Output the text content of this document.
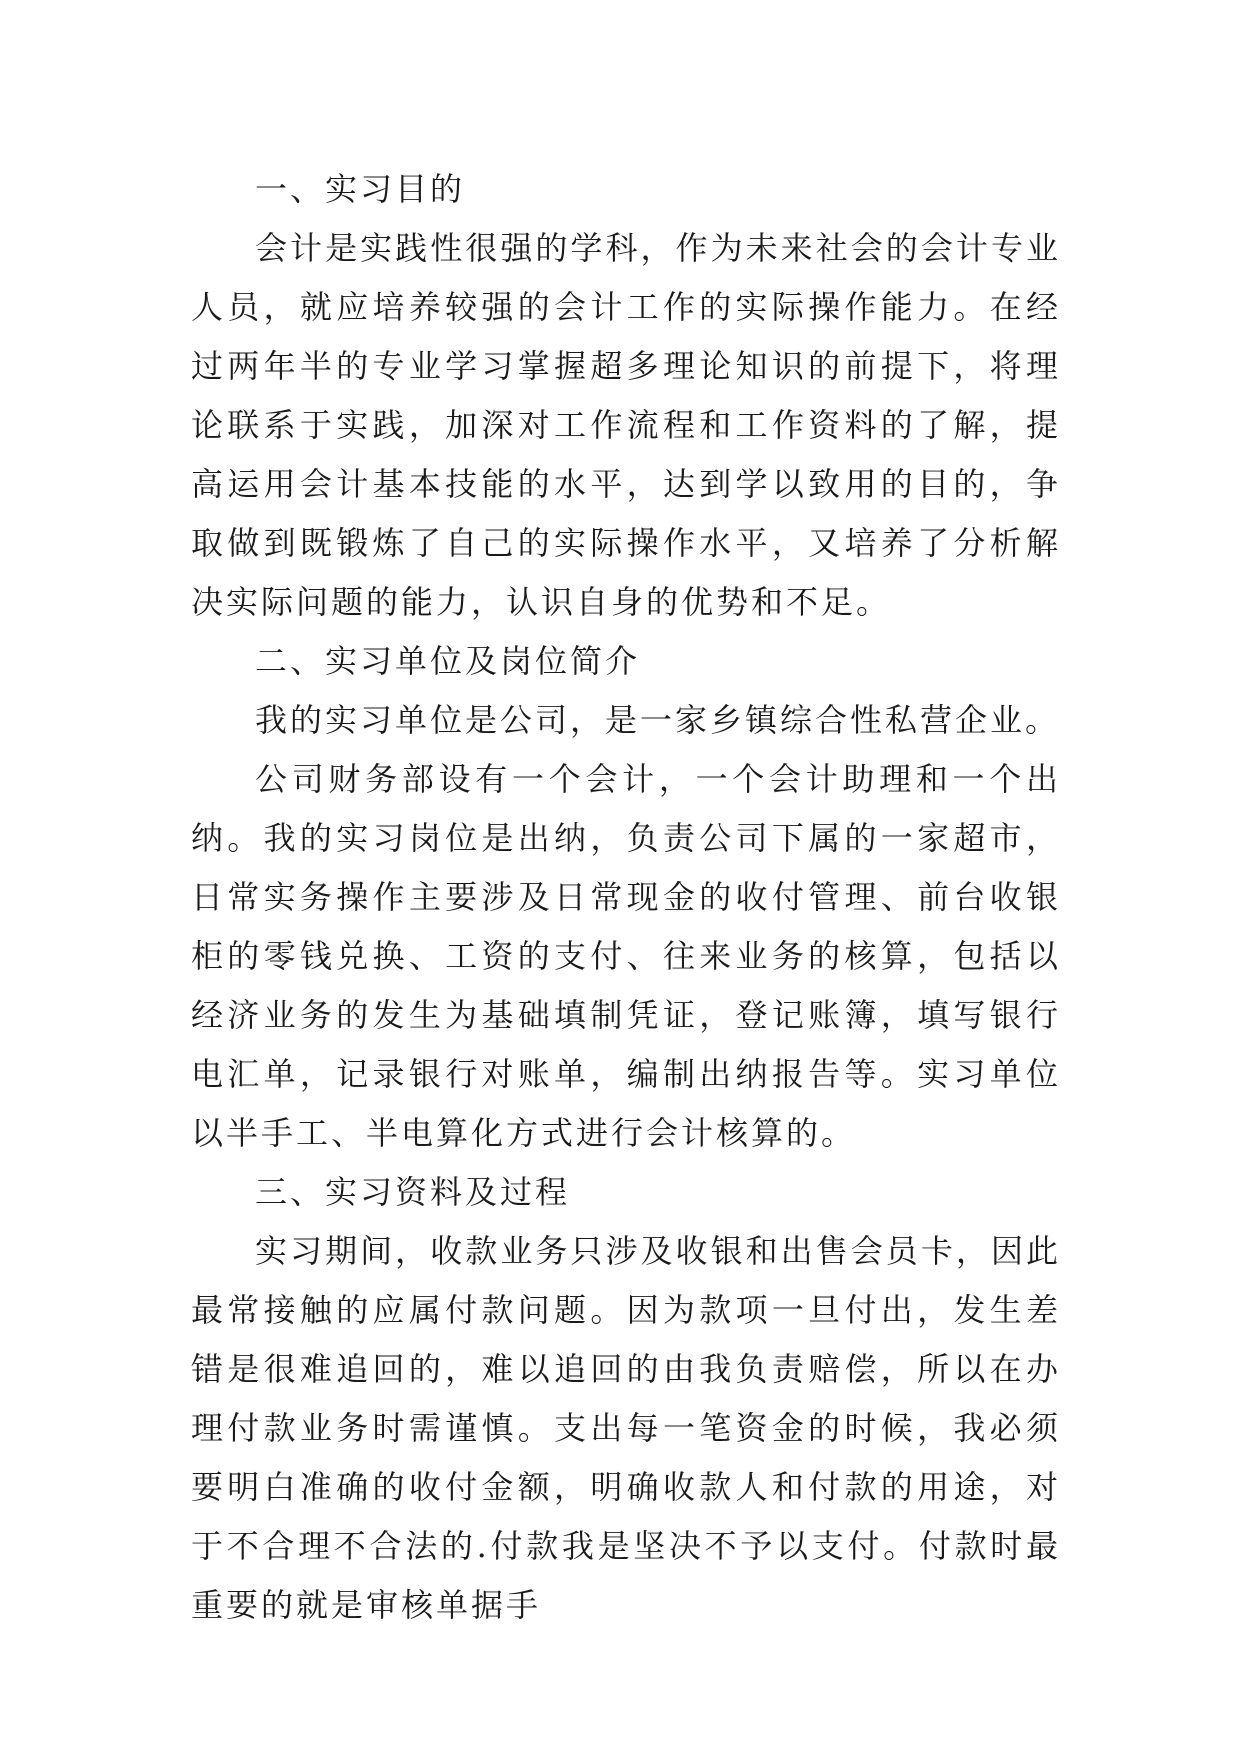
一、实习目的

会计是实践性很强的学科，作为未来社会的会计专业人员，就应培养较强的会计工作的实际操作能力。在经过两年半的专业学习掌握超多理论知识的前提下，将理论联系于实践，加深对工作流程和工作资料的了解，提高运用会计基本技能的水平，达到学以致用的目的，争取做到既锻炼了自己的实际操作水平，又培养了分析解决实际问题的能力，认识自身的优势和不足。

二、实习单位及岗位简介

我的实习单位是公司，是一家乡镇综合性私营企业。

公司财务部设有一个会计，一个会计助理和一个出纳。我的实习岗位是出纳，负责公司下属的一家超市，日常实务操作主要涉及日常现金的收付管理、前台收银柜的零钱兑换、工资的支付、往来业务的核算，包括以经济业务的发生为基础填制凭证，登记账簿，填写银行电汇单，记录银行对账单，编制出纳报告等。实习单位以半手工、半电算化方式进行会计核算的。

三、实习资料及过程

实习期间，收款业务只涉及收银和出售会员卡，因此最常接触的应属付款问题。因为款项一旦付出，发生差错是很难追回的，难以追回的由我负责赔偿，所以在办理付款业务时需谨慎。支出每一笔资金的时候，我必须要明白准确的收付金额，明确收款人和付款的用途，对于不合理不合法的.付款我是坚决不予以支付。付款时最重要的就是审核单据手
